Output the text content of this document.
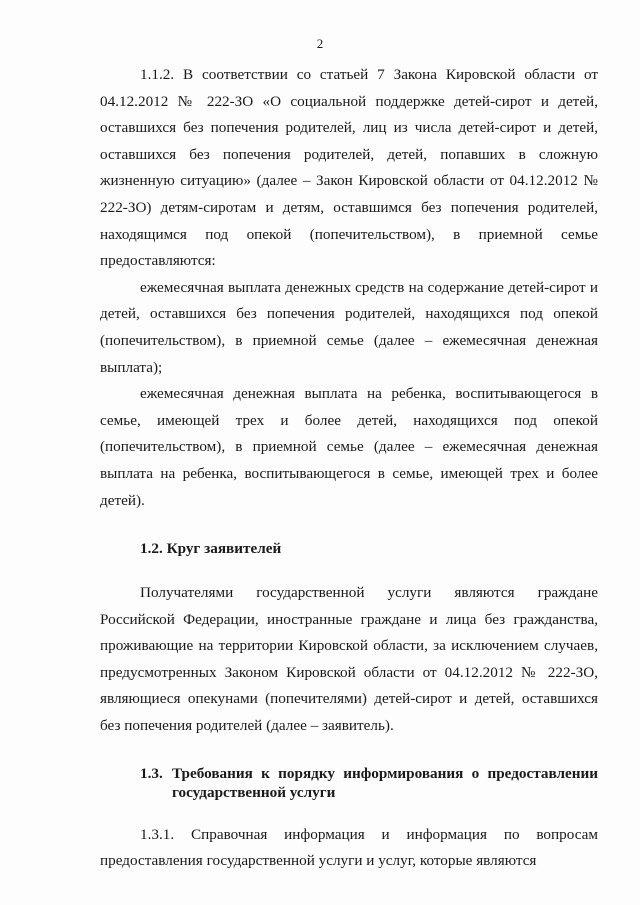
2

1.1.2. В соответствии со статьей 7 Закона Кировской области от 04.12.2012 № 222-ЗО «О социальной поддержке детей-сирот и детей, оставшихся без попечения родителей, лиц из числа детей-сирот и детей, оставшихся без попечения родителей, детей, попавших в сложную жизненную ситуацию» (далее – Закон Кировской области от 04.12.2012 № 222-ЗО) детям-сиротам и детям, оставшимся без попечения родителей, находящимся под опекой (попечительством), в приемной семье предоставляются:

ежемесячная выплата денежных средств на содержание детей-сирот и детей, оставшихся без попечения родителей, находящихся под опекой (попечительством), в приемной семье (далее – ежемесячная денежная выплата);

ежемесячная денежная выплата на ребенка, воспитывающегося в семье, имеющей трех и более детей, находящихся под опекой (попечительством), в приемной семье (далее – ежемесячная денежная выплата на ребенка, воспитывающегося в семье, имеющей трех и более детей).

1.2. Круг заявителей

Получателями государственной услуги являются граждане Российской Федерации, иностранные граждане и лица без гражданства, проживающие на территории Кировской области, за исключением случаев, предусмотренных Законом Кировской области от 04.12.2012 № 222-ЗО, являющиеся опекунами (попечителями) детей-сирот и детей, оставшихся без попечения родителей (далее – заявитель).

1.3. Требования к порядку информирования о предоставлении государственной услуги

1.3.1. Справочная информация и информация по вопросам предоставления государственной услуги и услуг, которые являются
